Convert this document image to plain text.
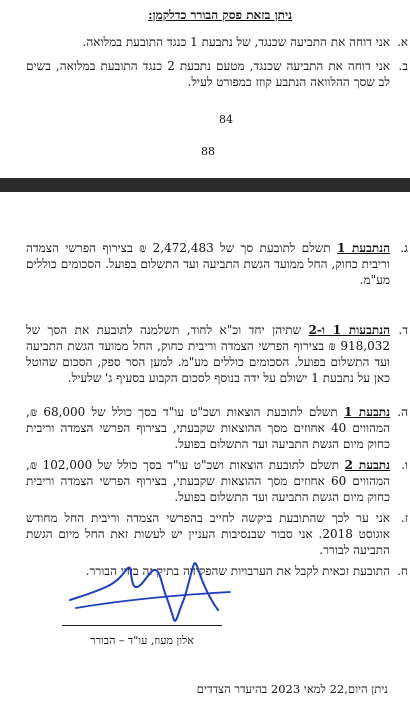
ניתן בזאת פסק הבורר כדלקמן:
א.
אני דוחה את התביעה שכנגד, של נתבעת 1 כנגד התובעת במלואה.
ב.
אני דוחה את התביעה שכנגד, מטעם נתבעת 2 כנגד התובעת במלואה, בשים לב שסך ההלוואה הנתבע קוזז כמפורט לעיל.
84
88
ג.
הנתבעת 1 תשלם לתובעת סך של 2,472,483 ₪ בצירוף הפרשי הצמדה וריבית כחוק, החל ממועד הגשת התביעה ועד התשלום בפועל. הסכומים כוללים מע"מ.
ד.
הנתבעות 1 ו-2 שתיהן יחד וכ"א לחוד, תשלמנה לתובעת את הסך של 918,032 ₪ בצירוף הפרשי הצמדה וריבית כחוק, החל ממועד הגשת התביעה ועד התשלום בפועל. הסכומים כוללים מע"מ. למען הסר ספק, הסכום שהוטל כאן על נתבעת 1 ישולם על ידה בנוסף לסכום הקבוע בסעיף ג' שלעיל.
ה.
נתבעת 1 תשלם לתובעת הוצאות ושכ"ט עו"ד בסך כולל של 68,000 ₪, המהווים 40 אחוזים מסך ההוצאות שקבעתי, בצירוף הפרשי הצמדה וריבית כחוק מיום הגשת התביעה ועד התשלום בפועל.
ו.
נתבעת 2 תשלם לתובעת הוצאות ושכ"ט עו"ד בסך כולל של 102,000 ₪, המהווים 60 אחוזים מסך ההוצאות שקבעתי, בצירוף הפרשי הצמדה וריבית כחוק מיום הגשת התביעה ועד התשלום בפועל.
ז.
אני ער לכך שהתובעת ביקשה לחייב בהפרשי הצמדה וריבית החל מחודש אוגוסט 2018. אני סבור שבנסיבות העניין יש לעשות זאת החל מיום הגשת התביעה לבורר.
ח.
התובעת זכאית לקבל את הערבויות שהפקידה בתיק זה בידי הבורר.
אלון מעוז, עו"ד – הבורר
ניתן היום,22 למאי 2023 בהיעדר הצדדים
